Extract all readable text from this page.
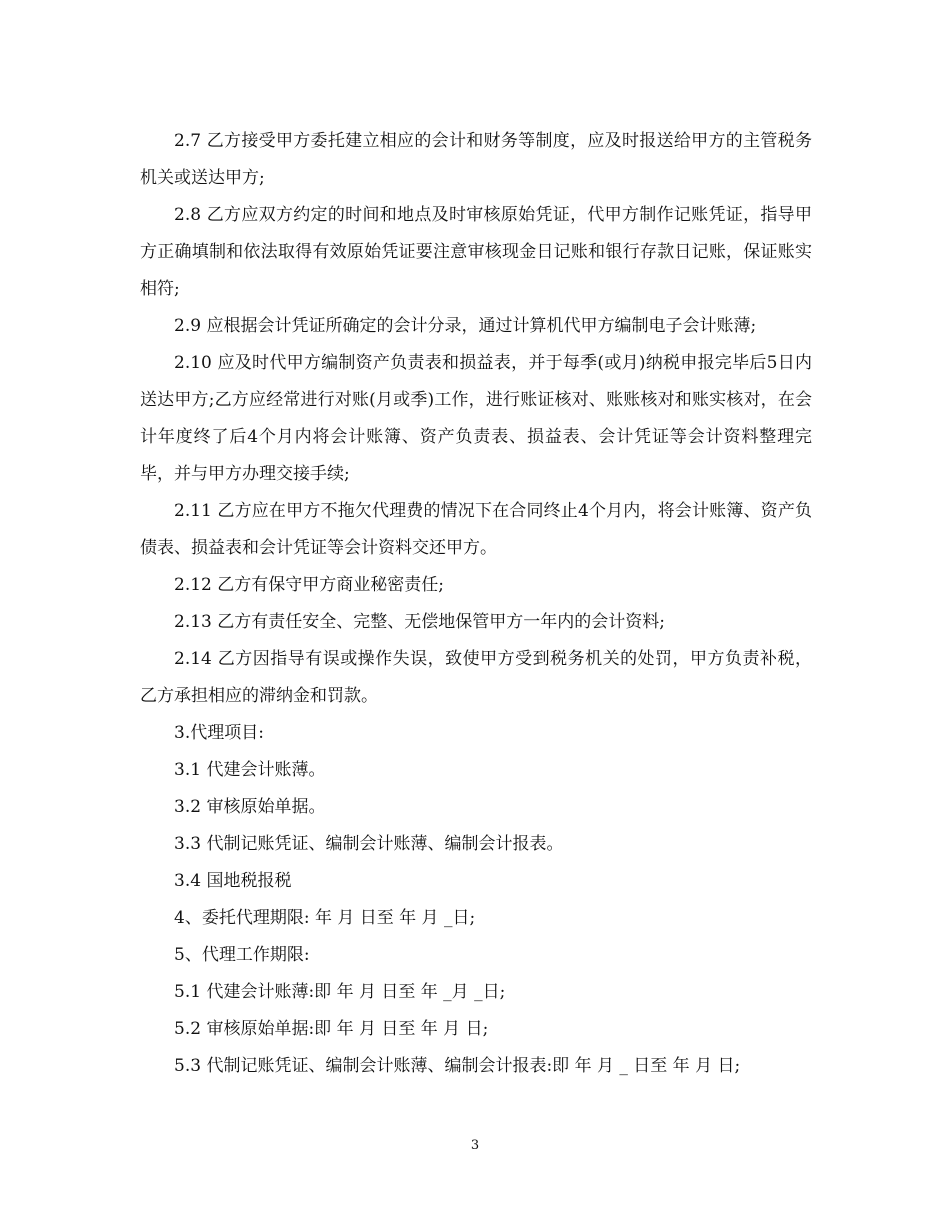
2.7 乙方接受甲方委托建立相应的会计和财务等制度，应及时报送给甲方的主管税务机关或送达甲方;

2.8 乙方应双方约定的时间和地点及时审核原始凭证，代甲方制作记账凭证，指导甲方正确填制和依法取得有效原始凭证要注意审核现金日记账和银行存款日记账，保证账实相符;

2.9 应根据会计凭证所确定的会计分录，通过计算机代甲方编制电子会计账薄;

2.10 应及时代甲方编制资产负责表和损益表，并于每季(或月)纳税申报完毕后5日内送达甲方;乙方应经常进行对账(月或季)工作，进行账证核对、账账核对和账实核对，在会计年度终了后4个月内将会计账簿、资产负责表、损益表、会计凭证等会计资料整理完毕，并与甲方办理交接手续;

2.11 乙方应在甲方不拖欠代理费的情况下在合同终止4个月内，将会计账簿、资产负债表、损益表和会计凭证等会计资料交还甲方。

2.12 乙方有保守甲方商业秘密责任;

2.13 乙方有责任安全、完整、无偿地保管甲方一年内的会计资料;

2.14 乙方因指导有误或操作失误，致使甲方受到税务机关的处罚，甲方负责补税，乙方承担相应的滞纳金和罚款。

3.代理项目:

3.1 代建会计账薄。

3.2 审核原始单据。

3.3 代制记账凭证、编制会计账薄、编制会计报表。

3.4 国地税报税

4、委托代理期限: 年 月 日至 年 月 _日;

5、代理工作期限:

5.1 代建会计账薄:即 年 月 日至 年 _月 _日;

5.2 审核原始单据:即 年 月 日至 年 月 日;

5.3 代制记账凭证、编制会计账薄、编制会计报表:即 年 月 _ 日至 年 月 日;

3
